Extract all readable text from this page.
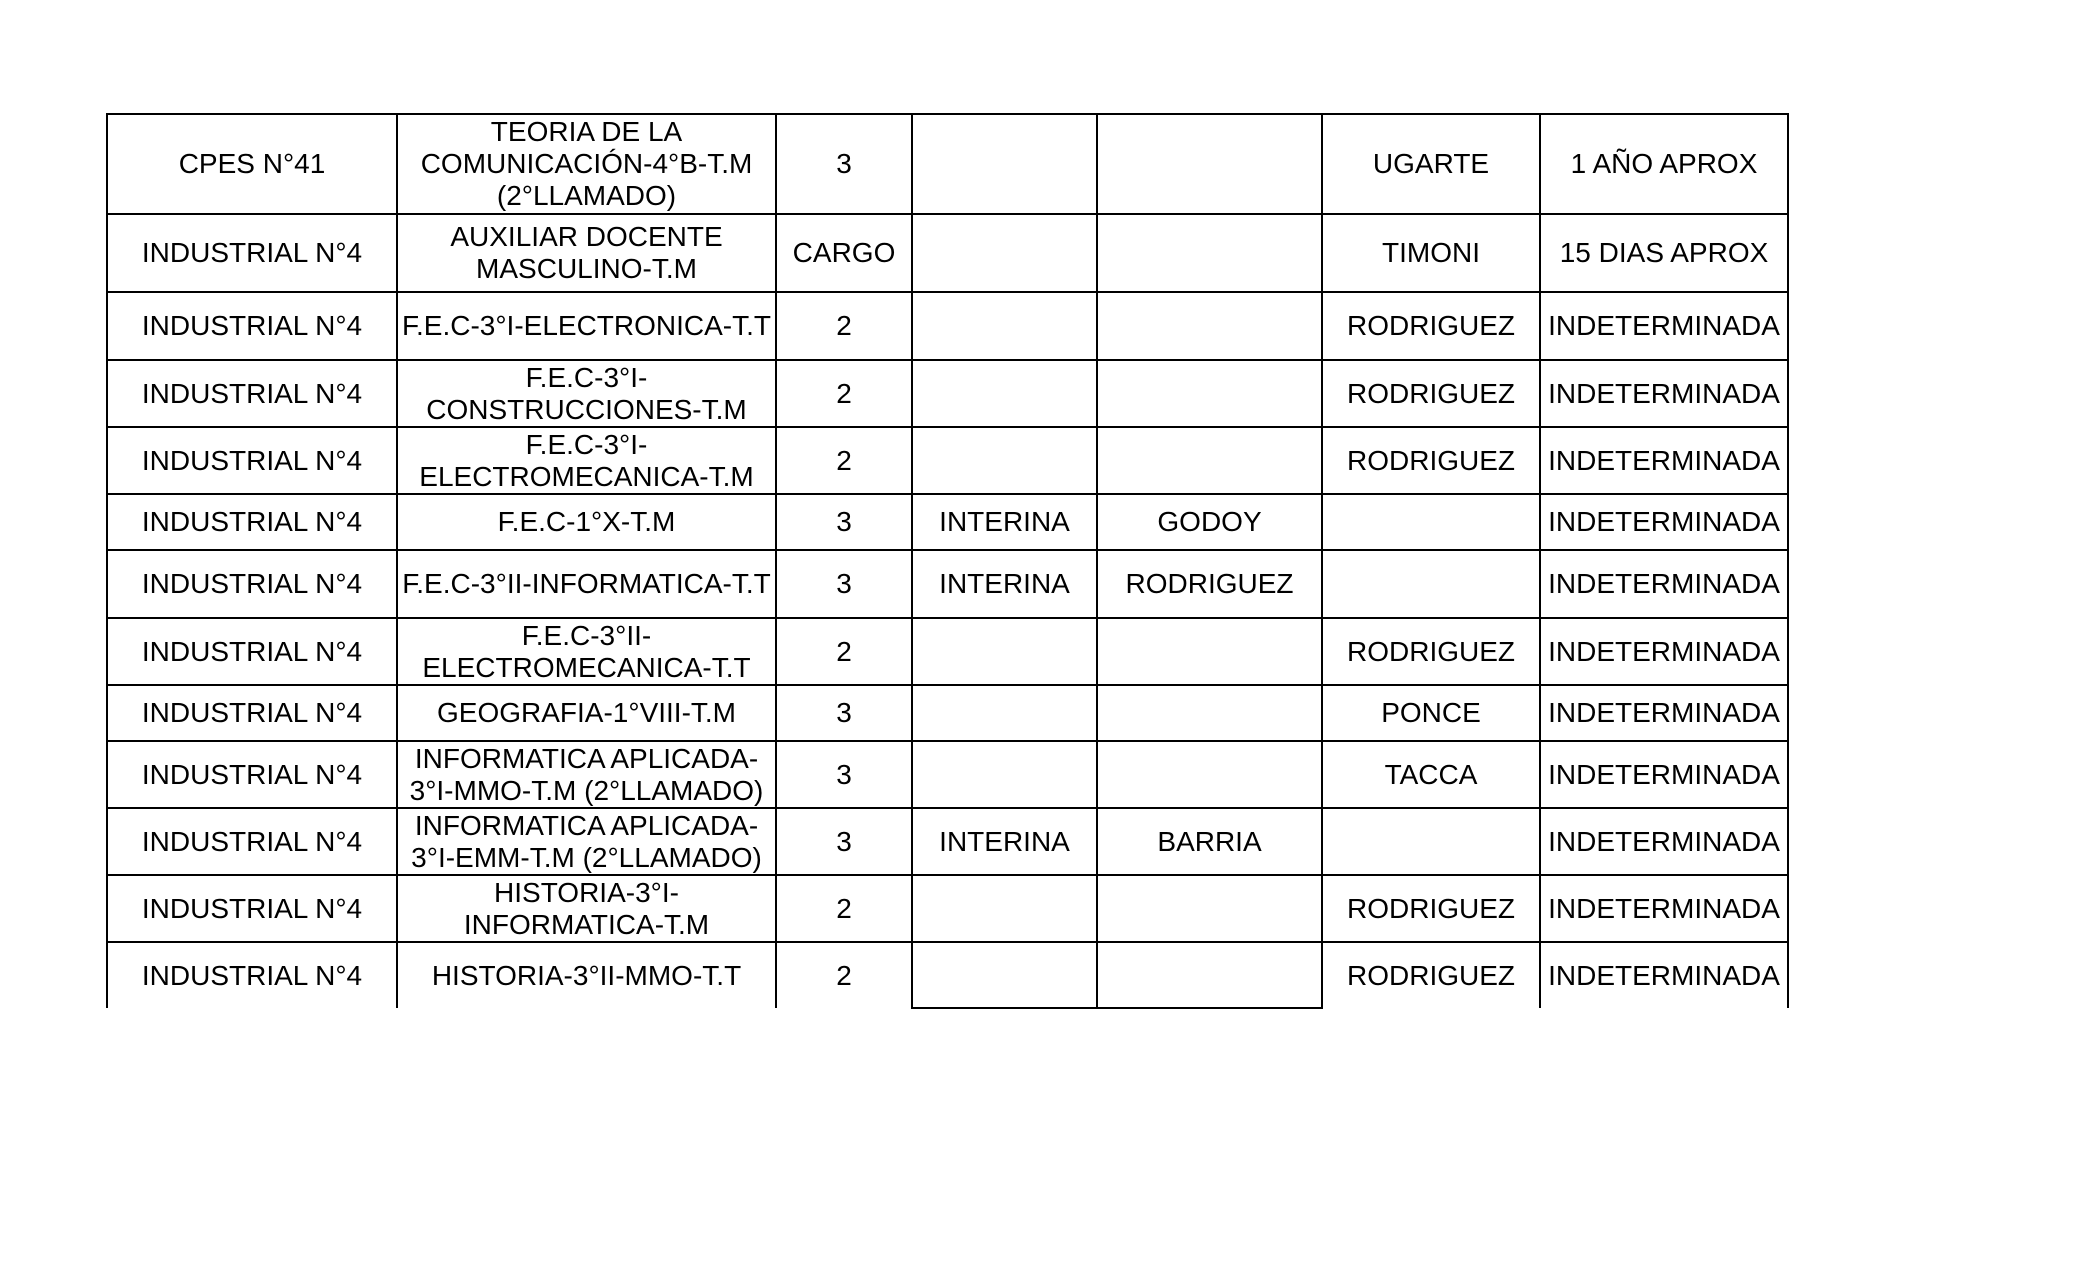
CPES N°41	TEORIA DE LA COMUNICACIÓN-4°B-T.M (2°LLAMADO)	3			UGARTE	1 AÑO APROX
INDUSTRIAL N°4	AUXILIAR DOCENTE MASCULINO-T.M	CARGO			TIMONI	15 DIAS APROX
INDUSTRIAL N°4	F.E.C-3°I-ELECTRONICA-T.T	2			RODRIGUEZ	INDETERMINADA
INDUSTRIAL N°4	F.E.C-3°I-CONSTRUCCIONES-T.M	2			RODRIGUEZ	INDETERMINADA
INDUSTRIAL N°4	F.E.C-3°I-ELECTROMECANICA-T.M	2			RODRIGUEZ	INDETERMINADA
INDUSTRIAL N°4	F.E.C-1°X-T.M	3	INTERINA	GODOY		INDETERMINADA
INDUSTRIAL N°4	F.E.C-3°II-INFORMATICA-T.T	3	INTERINA	RODRIGUEZ		INDETERMINADA
INDUSTRIAL N°4	F.E.C-3°II-ELECTROMECANICA-T.T	2			RODRIGUEZ	INDETERMINADA
INDUSTRIAL N°4	GEOGRAFIA-1°VIII-T.M	3			PONCE	INDETERMINADA
INDUSTRIAL N°4	INFORMATICA APLICADA-3°I-MMO-T.M (2°LLAMADO)	3			TACCA	INDETERMINADA
INDUSTRIAL N°4	INFORMATICA APLICADA-3°I-EMM-T.M (2°LLAMADO)	3	INTERINA	BARRIA		INDETERMINADA
INDUSTRIAL N°4	HISTORIA-3°I-INFORMATICA-T.M	2			RODRIGUEZ	INDETERMINADA
INDUSTRIAL N°4	HISTORIA-3°II-MMO-T.T	2			RODRIGUEZ	INDETERMINADA
